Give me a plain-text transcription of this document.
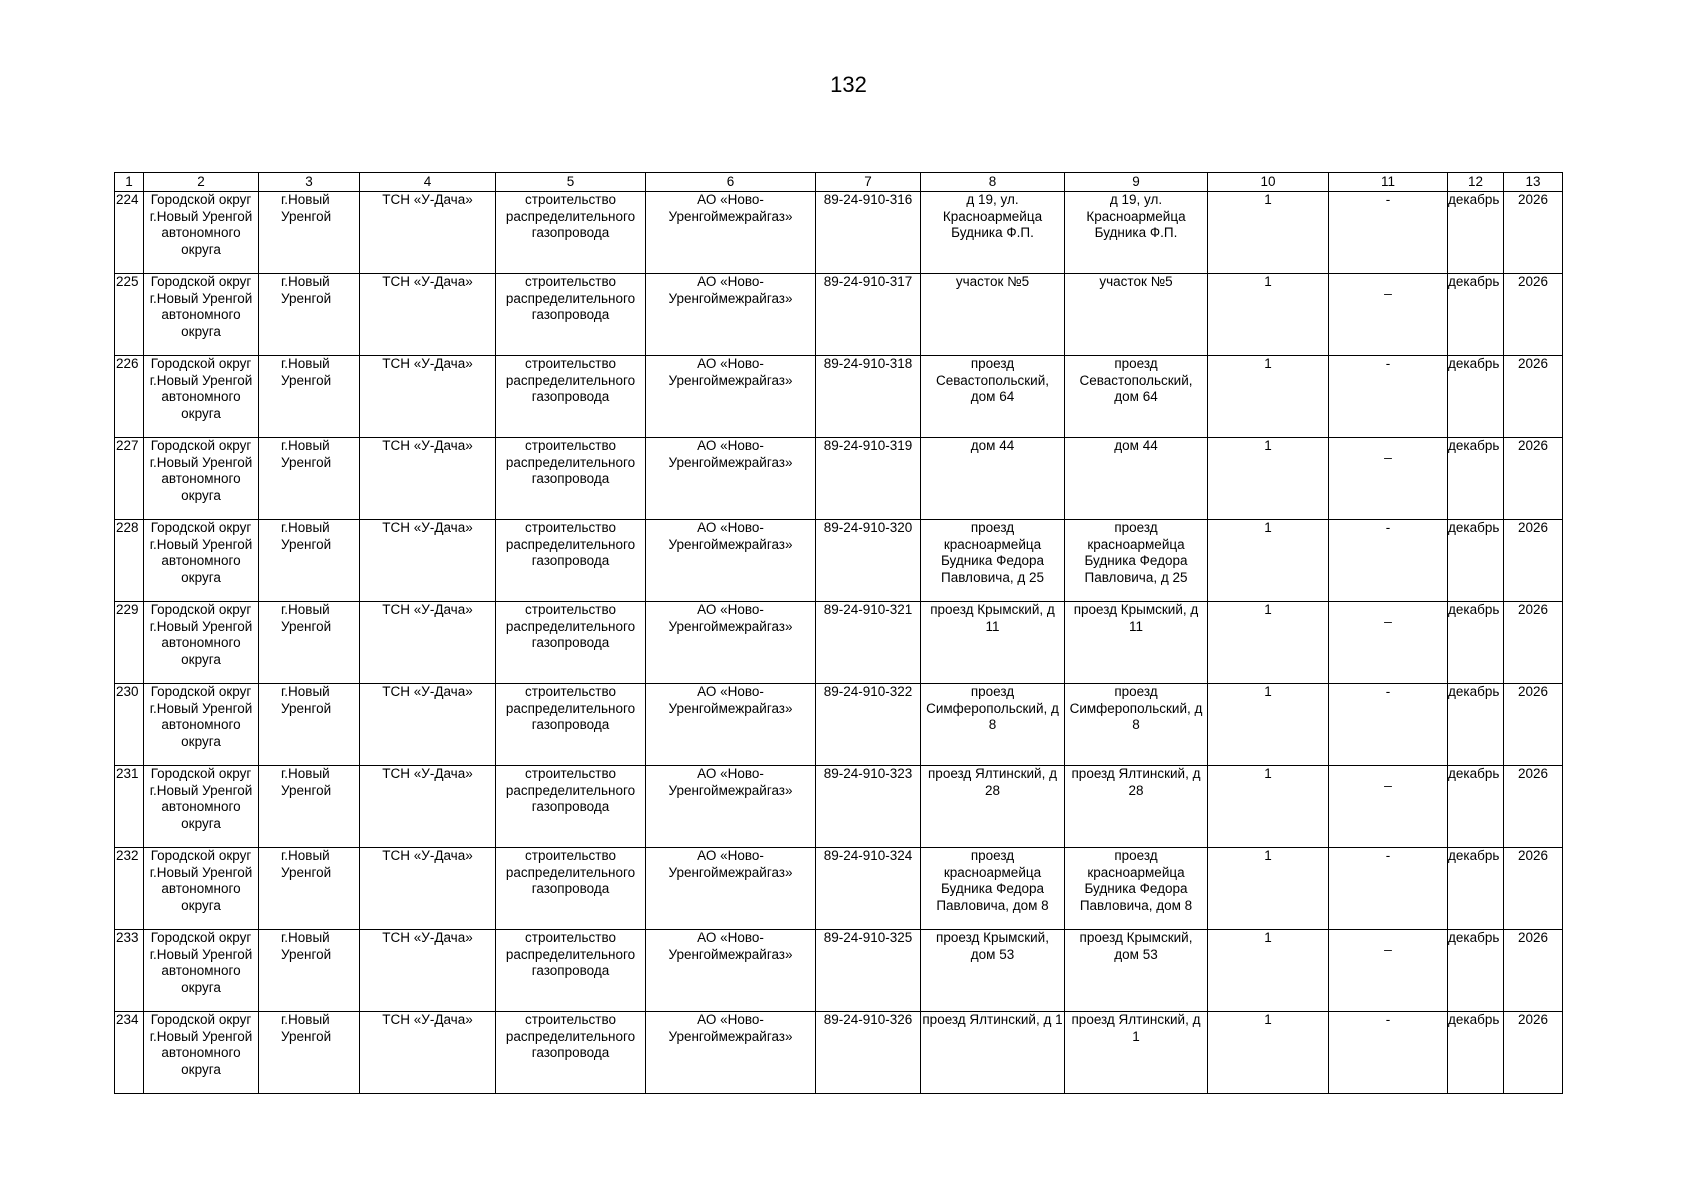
132
1	2	3	4	5	6	7	8	9	10	11	12	13
224	Городской округ г.Новый Уренгой автономного округа	г.Новый Уренгой	ТСН «У-Дача»	строительство распределительного газопровода	АО «Ново-Уренгоймежрайгаз»	89-24-910-316	д 19, ул. Красноармейца Будника Ф.П.	д 19, ул. Красноармейца Будника Ф.П.	1	-	декабрь	2026
225	Городской округ г.Новый Уренгой автономного округа	г.Новый Уренгой	ТСН «У-Дача»	строительство распределительного газопровода	АО «Ново-Уренгоймежрайгаз»	89-24-910-317	участок №5	участок №5	1	_	декабрь	2026
226	Городской округ г.Новый Уренгой автономного округа	г.Новый Уренгой	ТСН «У-Дача»	строительство распределительного газопровода	АО «Ново-Уренгоймежрайгаз»	89-24-910-318	проезд Севастопольский, дом 64	проезд Севастопольский, дом 64	1	-	декабрь	2026
227	Городской округ г.Новый Уренгой автономного округа	г.Новый Уренгой	ТСН «У-Дача»	строительство распределительного газопровода	АО «Ново-Уренгоймежрайгаз»	89-24-910-319	дом 44	дом 44	1	_	декабрь	2026
228	Городской округ г.Новый Уренгой автономного округа	г.Новый Уренгой	ТСН «У-Дача»	строительство распределительного газопровода	АО «Ново-Уренгоймежрайгаз»	89-24-910-320	проезд красноармейца Будника Федора Павловича, д 25	проезд красноармейца Будника Федора Павловича, д 25	1	-	декабрь	2026
229	Городской округ г.Новый Уренгой автономного округа	г.Новый Уренгой	ТСН «У-Дача»	строительство распределительного газопровода	АО «Ново-Уренгоймежрайгаз»	89-24-910-321	проезд Крымский, д 11	проезд Крымский, д 11	1	_	декабрь	2026
230	Городской округ г.Новый Уренгой автономного округа	г.Новый Уренгой	ТСН «У-Дача»	строительство распределительного газопровода	АО «Ново-Уренгоймежрайгаз»	89-24-910-322	проезд Симферопольский, д 8	проезд Симферопольский, д 8	1	-	декабрь	2026
231	Городской округ г.Новый Уренгой автономного округа	г.Новый Уренгой	ТСН «У-Дача»	строительство распределительного газопровода	АО «Ново-Уренгоймежрайгаз»	89-24-910-323	проезд Ялтинский, д 28	проезд Ялтинский, д 28	1	_	декабрь	2026
232	Городской округ г.Новый Уренгой автономного округа	г.Новый Уренгой	ТСН «У-Дача»	строительство распределительного газопровода	АО «Ново-Уренгоймежрайгаз»	89-24-910-324	проезд красноармейца Будника Федора Павловича, дом 8	проезд красноармейца Будника Федора Павловича, дом 8	1	-	декабрь	2026
233	Городской округ г.Новый Уренгой автономного округа	г.Новый Уренгой	ТСН «У-Дача»	строительство распределительного газопровода	АО «Ново-Уренгоймежрайгаз»	89-24-910-325	проезд Крымский, дом 53	проезд Крымский, дом 53	1	_	декабрь	2026
234	Городской округ г.Новый Уренгой автономного округа	г.Новый Уренгой	ТСН «У-Дача»	строительство распределительного газопровода	АО «Ново-Уренгоймежрайгаз»	89-24-910-326	проезд Ялтинский, д 1	проезд Ялтинский, д 1	1	-	декабрь	2026
